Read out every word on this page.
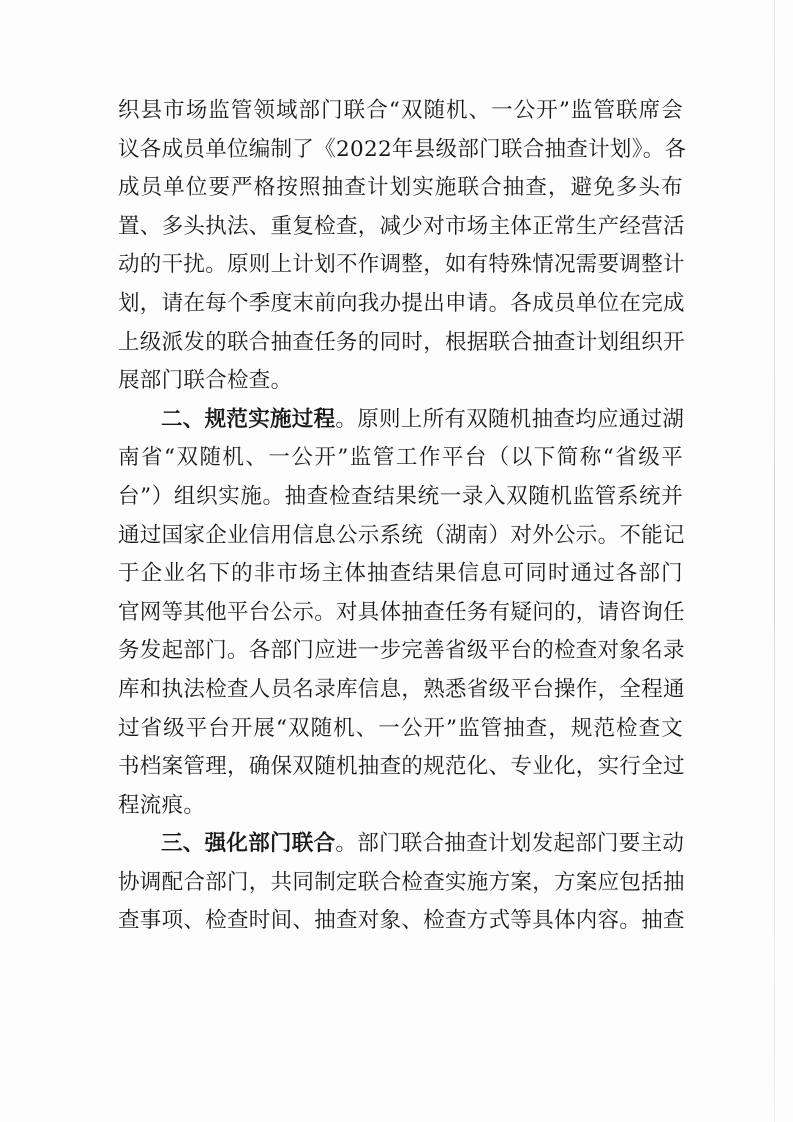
织县市场监管领域部门联合“双随机、一公开”监管联席会
议各成员单位编制了《2022年县级部门联合抽查计划》。各
成员单位要严格按照抽查计划实施联合抽查，避免多头布
置、多头执法、重复检查，减少对市场主体正常生产经营活
动的干扰。原则上计划不作调整，如有特殊情况需要调整计
划，请在每个季度末前向我办提出申请。各成员单位在完成
上级派发的联合抽查任务的同时，根据联合抽查计划组织开
展部门联合检查。

二、规范实施过程。原则上所有双随机抽查均应通过湖
南省“双随机、一公开”监管工作平台（以下简称“省级平
台”）组织实施。抽查检查结果统一录入双随机监管系统并
通过国家企业信用信息公示系统（湖南）对外公示。不能记
于企业名下的非市场主体抽查结果信息可同时通过各部门
官网等其他平台公示。对具体抽查任务有疑问的，请咨询任
务发起部门。各部门应进一步完善省级平台的检查对象名录
库和执法检查人员名录库信息，熟悉省级平台操作，全程通
过省级平台开展“双随机、一公开”监管抽查，规范检查文
书档案管理，确保双随机抽查的规范化、专业化，实行全过
程流痕。

三、强化部门联合。部门联合抽查计划发起部门要主动
协调配合部门，共同制定联合检查实施方案，方案应包括抽
查事项、检查时间、抽查对象、检查方式等具体内容。抽查
